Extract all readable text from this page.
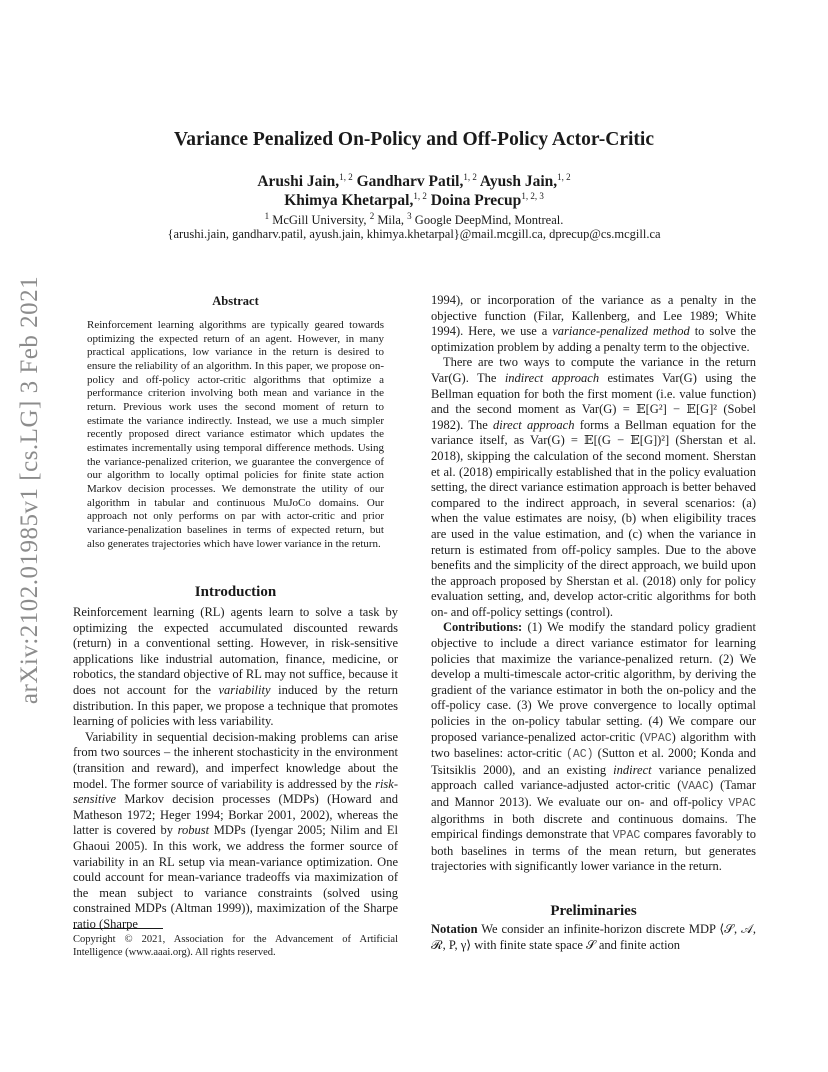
arXiv:2102.01985v1 [cs.LG] 3 Feb 2021
Variance Penalized On-Policy and Off-Policy Actor-Critic
Arushi Jain,$^{1, 2}$ Gandharv Patil,$^{1, 2}$ Ayush Jain,$^{1, 2}$
Khimya Khetarpal,$^{1, 2}$ Doina Precup$^{1, 2, 3}$
$^1$ McGill University, $^2$ Mila, $^3$ Google DeepMind, Montreal.
{arushi.jain, gandharv.patil, ayush.jain, khimya.khetarpal}@mail.mcgill.ca, dprecup@cs.mcgill.ca
Abstract
Reinforcement learning algorithms are typically geared towards optimizing the expected return of an agent. However, in many practical applications, low variance in the return is desired to ensure the reliability of an algorithm. In this paper, we propose on-policy and off-policy actor-critic algorithms that optimize a performance criterion involving both mean and variance in the return. Previous work uses the second moment of return to estimate the variance indirectly. Instead, we use a much simpler recently proposed direct variance estimator which updates the estimates incrementally using temporal difference methods. Using the variance-penalized criterion, we guarantee the convergence of our algorithm to locally optimal policies for finite state action Markov decision processes. We demonstrate the utility of our algorithm in tabular and continuous MuJoCo domains. Our approach not only performs on par with actor-critic and prior variance-penalization baselines in terms of expected return, but also generates trajectories which have lower variance in the return.
Introduction

Reinforcement learning (RL) agents learn to solve a task by optimizing the expected accumulated discounted rewards (return) in a conventional setting. However, in risk-sensitive applications like industrial automation, finance, medicine, or robotics, the standard objective of RL may not suffice, because it does not account for the variability induced by the return distribution. In this paper, we propose a technique that promotes learning of policies with less variability.

Variability in sequential decision-making problems can arise from two sources – the inherent stochasticity in the environment (transition and reward), and imperfect knowledge about the model. The former source of variability is addressed by the risk-sensitive Markov decision processes (MDPs) (Howard and Matheson 1972; Heger 1994; Borkar 2001, 2002), whereas the latter is covered by robust MDPs (Iyengar 2005; Nilim and El Ghaoui 2005). In this work, we address the former source of variability in an RL setup via mean-variance optimization. One could account for mean-variance tradeoffs via maximization of the mean subject to variance constraints (solved using constrained MDPs (Altman 1999)), maximization of the Sharpe ratio (Sharpe

Copyright © 2021, Association for the Advancement of Artificial Intelligence (www.aaai.org). All rights reserved.

1994), or incorporation of the variance as a penalty in the objective function (Filar, Kallenberg, and Lee 1989; White 1994). Here, we use a variance-penalized method to solve the optimization problem by adding a penalty term to the objective.

There are two ways to compute the variance in the return Var(G). The indirect approach estimates Var(G) using the Bellman equation for both the first moment (i.e. value function) and the second moment as Var(G) = 𝔼[G²] − 𝔼[G]² (Sobel 1982). The direct approach forms a Bellman equation for the variance itself, as Var(G) = 𝔼[(G − 𝔼[G])²] (Sherstan et al. 2018), skipping the calculation of the second moment. Sherstan et al. (2018) empirically established that in the policy evaluation setting, the direct variance estimation approach is better behaved compared to the indirect approach, in several scenarios: (a) when the value estimates are noisy, (b) when eligibility traces are used in the value estimation, and (c) when the variance in return is estimated from off-policy samples. Due to the above benefits and the simplicity of the direct approach, we build upon the approach proposed by Sherstan et al. (2018) only for policy evaluation setting, and, develop actor-critic algorithms for both on- and off-policy settings (control).

Contributions: (1) We modify the standard policy gradient objective to include a direct variance estimator for learning policies that maximize the variance-penalized return. (2) We develop a multi-timescale actor-critic algorithm, by deriving the gradient of the variance estimator in both the on-policy and the off-policy case. (3) We prove convergence to locally optimal policies in the on-policy tabular setting. (4) We compare our proposed variance-penalized actor-critic (VPAC) algorithm with two baselines: actor-critic (AC) (Sutton et al. 2000; Konda and Tsitsiklis 2000), and an existing indirect variance penalized approach called variance-adjusted actor-critic (VAAC) (Tamar and Mannor 2013). We evaluate our on- and off-policy VPAC algorithms in both discrete and continuous domains. The empirical findings demonstrate that VPAC compares favorably to both baselines in terms of the mean return, but generates trajectories with significantly lower variance in the return.

Preliminaries

Notation We consider an infinite-horizon discrete MDP ⟨𝒮, 𝒜, ℛ, P, γ⟩ with finite state space 𝒮 and finite action
